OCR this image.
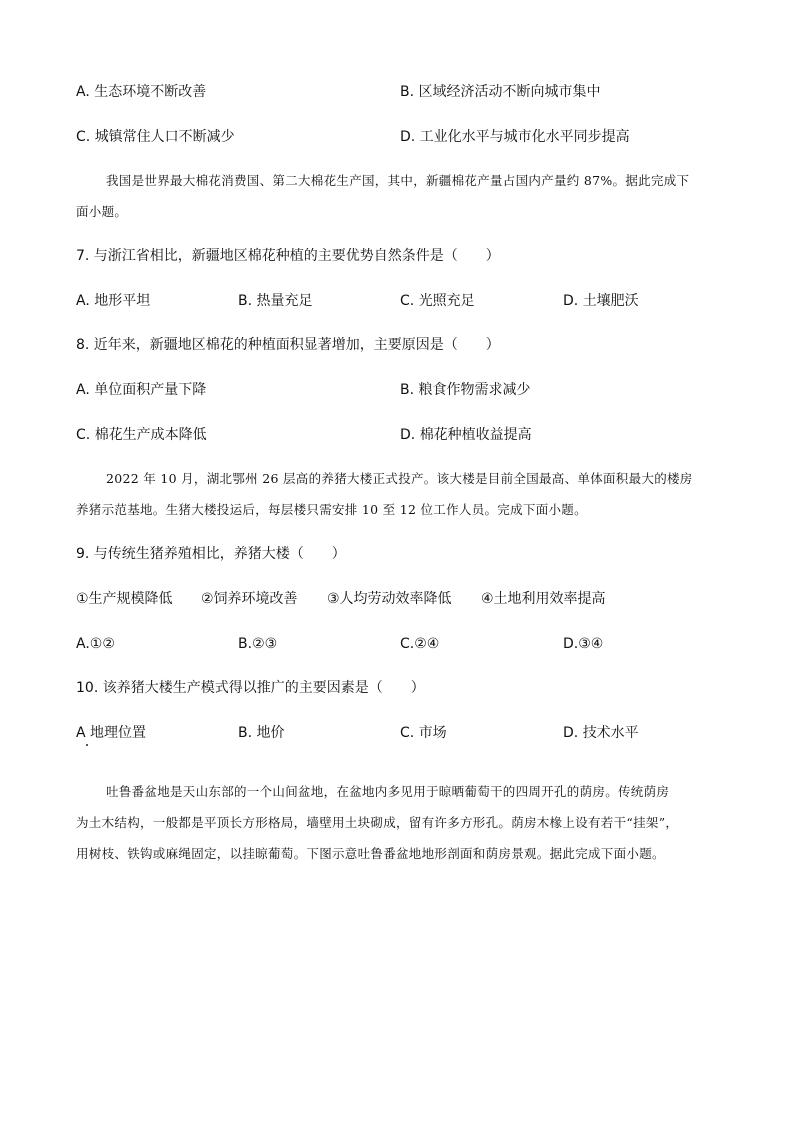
A. 生态环境不断改善	B. 区域经济活动不断向城市集中
C. 城镇常住人口不断减少	D. 工业化水平与城市化水平同步提高
我国是世界最大棉花消费国、第二大棉花生产国，其中，新疆棉花产量占国内产量约 87%。据此完成下
面小题。
7. 与浙江省相比，新疆地区棉花种植的主要优势自然条件是（　　）
A. 地形平坦	B. 热量充足	C. 光照充足	D. 土壤肥沃
8. 近年来，新疆地区棉花的种植面积显著增加，主要原因是（　　）
A. 单位面积产量下降	B. 粮食作物需求减少
C. 棉花生产成本降低	D. 棉花种植收益提高
2022 年 10 月，湖北鄂州 26 层高的养猪大楼正式投产。该大楼是目前全国最高、单体面积最大的楼房
养猪示范基地。生猪大楼投运后，每层楼只需安排 10 至 12 位工作人员。完成下面小题。
9. 与传统生猪养殖相比，养猪大楼（　　）
①生产规模降低 ②饲养环境改善 ③人均劳动效率降低 ④土地利用效率提高
A.①②	B.②③	C.②④	D.③④
10. 该养猪大楼生产模式得以推广的主要因素是（　　）
A 地理位置	B. 地价	C. 市场	D. 技术水平
吐鲁番盆地是天山东部的一个山间盆地，在盆地内多见用于晾晒葡萄干的四周开孔的荫房。传统荫房
为土木结构，一般都是平顶长方形格局，墙壁用土块砌成，留有许多方形孔。荫房木椽上设有若干“挂架”，
用树枝、铁钩或麻绳固定，以挂晾葡萄。下图示意吐鲁番盆地地形剖面和荫房景观。据此完成下面小题。
